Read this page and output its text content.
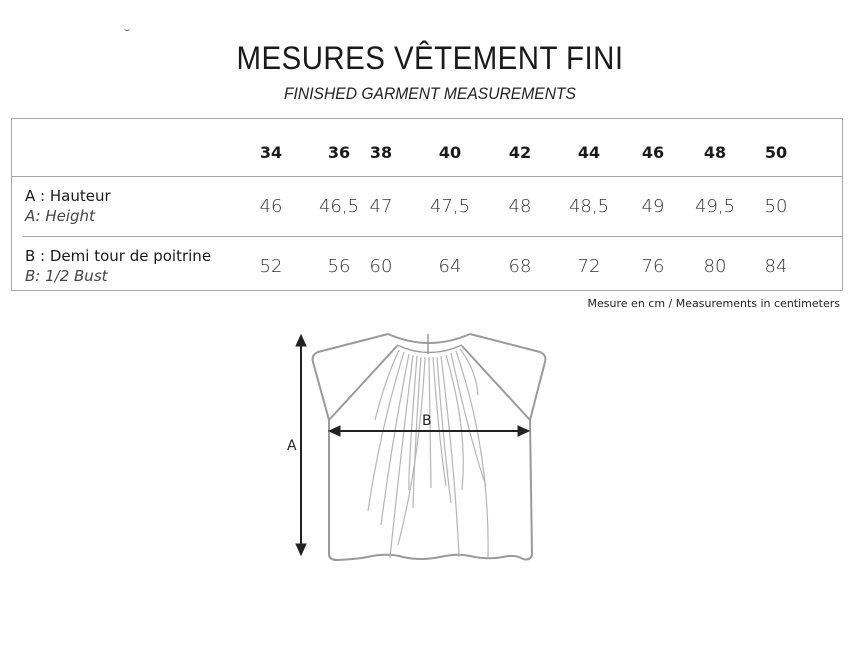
MESURES VÊTEMENT FINI
FINISHED GARMENT MEASUREMENTS
34	36	38	40	42	44	46	48	50
A : Hauteur
A: Height	46	46,5 47	47,5	48	48,5	49	49,5	50
B : Demi tour de poitrine
B: 1/2 Bust	52	56	60	64	68	72	76	80	84
Mesure en cm / Measurements in centimeters
A
B
